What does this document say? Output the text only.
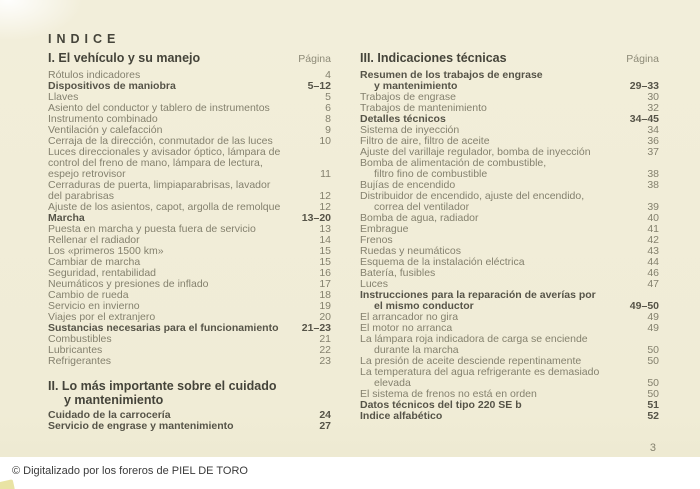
INDICE
I. El vehículo y su manejo	Página
Rótulos indicadores	4
Dispositivos de maniobra	5–12
Llaves	5
Asiento del conductor y tablero de instrumentos	6
Instrumento combinado	8
Ventilación y calefacción	9
Cerraja de la dirección, conmutador de las luces	10
Luces direccionales y avisador óptico, lámpara de
control del freno de mano, lámpara de lectura,
espejo retrovisor	11
Cerraduras de puerta, limpiaparabrisas, lavador
del parabrisas	12
Ajuste de los asientos, capot, argolla de remolque	12
Marcha	13–20
Puesta en marcha y puesta fuera de servicio	13
Rellenar el radiador	14
Los «primeros 1500 km»	15
Cambiar de marcha	15
Seguridad, rentabilidad	16
Neumáticos y presiones de inflado	17
Cambio de rueda	18
Servicio en invierno	19
Viajes por el extranjero	20
Sustancias necesarias para el funcionamiento	21–23
Combustibles	21
Lubricantes	22
Refrigerantes	23
II. Lo más importante sobre el cuidado
y mantenimiento
Cuidado de la carrocería	24
Servicio de engrase y mantenimiento	27
III. Indicaciones técnicas	Página
Resumen de los trabajos de engrase
y mantenimiento	29–33
Trabajos de engrase	30
Trabajos de mantenimiento	32
Detalles técnicos	34–45
Sistema de inyección	34
Filtro de aire, filtro de aceite	36
Ajuste del varillaje regulador, bomba de inyección	37
Bomba de alimentación de combustible,
filtro fino de combustible	38
Bujías de encendido	38
Distribuidor de encendido, ajuste del encendido,
correa del ventilador	39
Bomba de agua, radiador	40
Embrague	41
Frenos	42
Ruedas y neumáticos	43
Esquema de la instalación eléctrica	44
Batería, fusibles	46
Luces	47
Instrucciones para la reparación de averías por
el mismo conductor	49–50
El arrancador no gira	49
El motor no arranca	49
La lámpara roja indicadora de carga se enciende
durante la marcha	50
La presión de aceite desciende repentinamente	50
La temperatura del agua refrigerante es demasiado
elevada	50
El sistema de frenos no está en orden	50
Datos técnicos del tipo 220 SE b	51
Indice alfabético	52
3
© Digitalizado por los foreros de PIEL DE TORO
